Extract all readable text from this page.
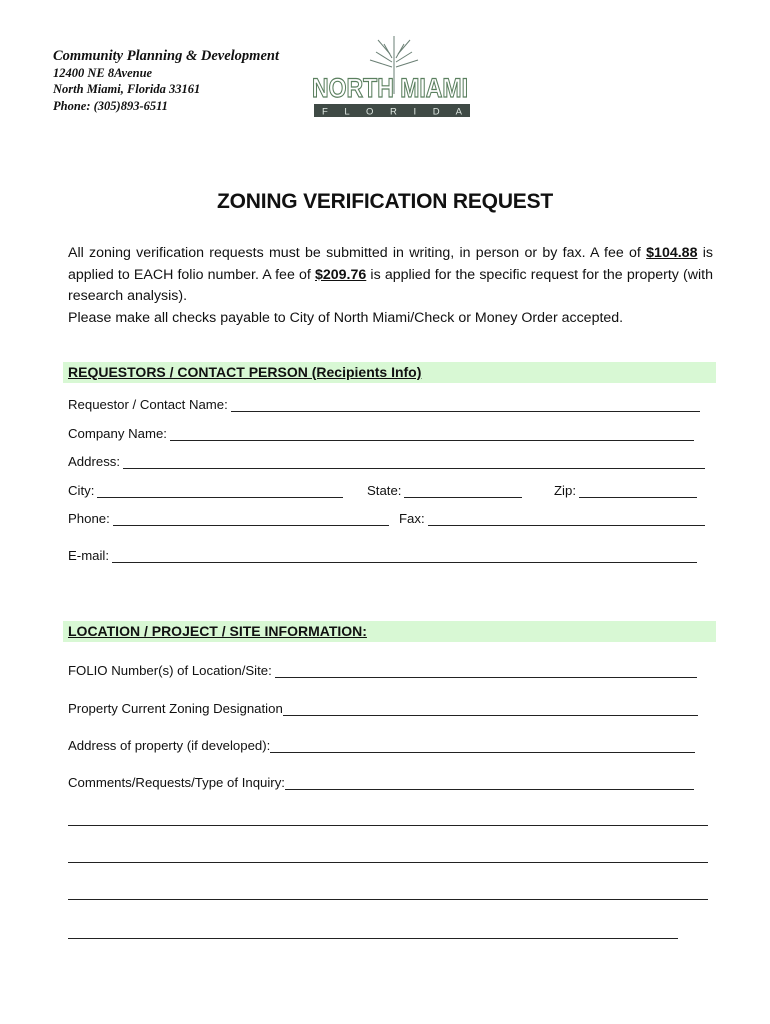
Community Planning & Development
12400 NE 8Avenue
North Miami, Florida 33161
Phone: (305)893-6511
NORTH MIAMI
F L O R I D A
ZONING VERIFICATION REQUEST

All zoning verification requests must be submitted in writing, in person or by fax. A fee of $104.88 is applied to EACH folio number. A fee of $209.76 is applied for the specific request for the property (with research analysis).

Please make all checks payable to City of North Miami/Check or Money Order accepted.

REQUESTORS / CONTACT PERSON (Recipients Info)
Requestor / Contact Name:
Company Name:
Address:
City:	State:	Zip:
Phone:	Fax:
E-mail:
LOCATION / PROJECT / SITE INFORMATION:
FOLIO Number(s) of Location/Site:
Property Current Zoning Designation
Address of property (if developed):
Comments/Requests/Type of Inquiry:
